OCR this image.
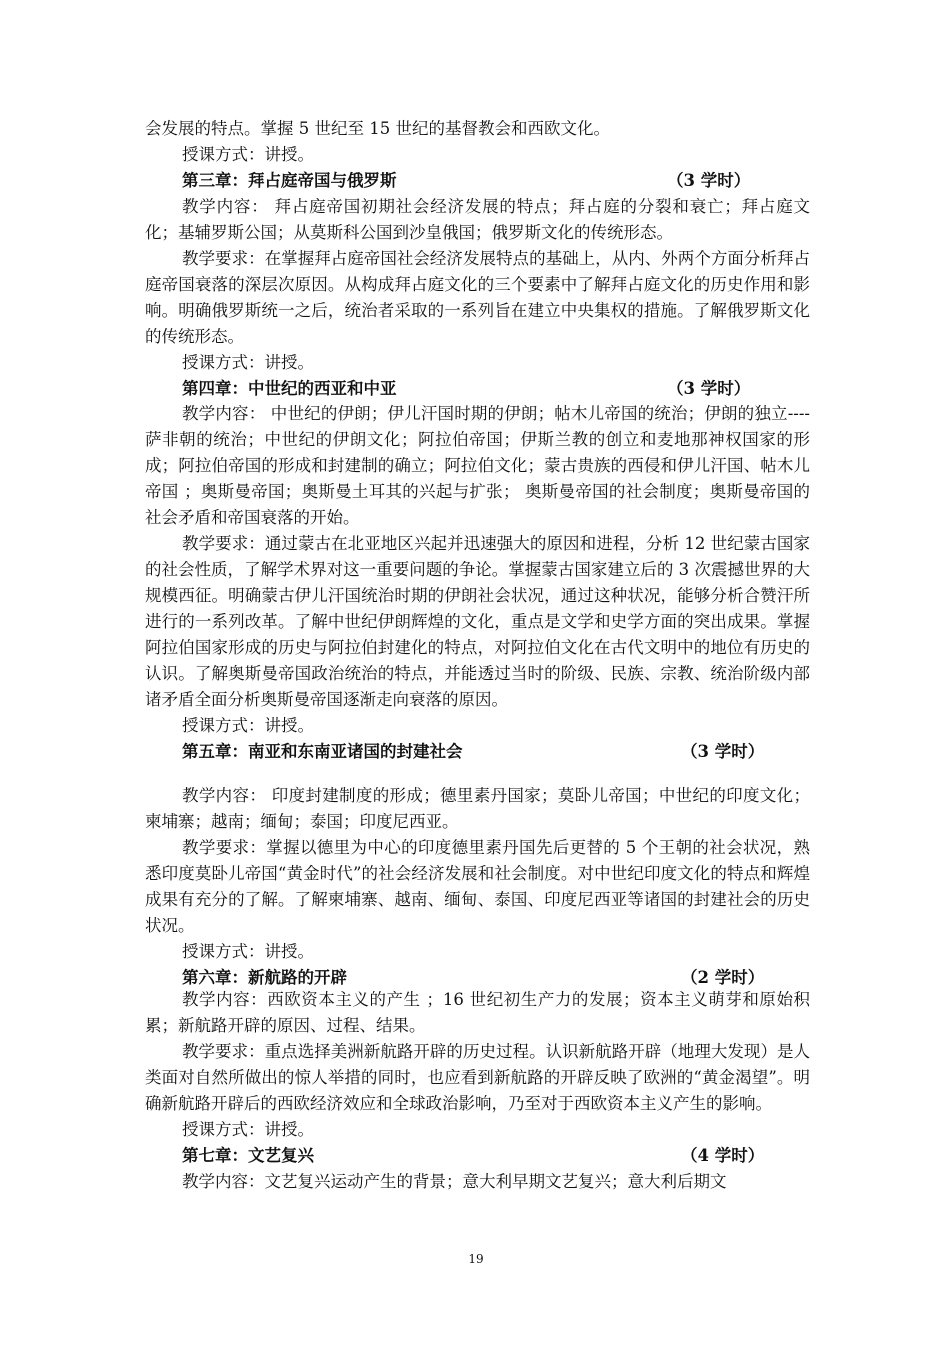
会发展的特点。掌握 5 世纪至 15 世纪的基督教会和西欧文化。

授课方式：讲授。

第三章：拜占庭帝国与俄罗斯	（3 学时）

教学内容： 拜占庭帝国初期社会经济发展的特点；拜占庭的分裂和衰亡；拜占庭文化；基辅罗斯公国；从莫斯科公国到沙皇俄国；俄罗斯文化的传统形态。

教学要求：在掌握拜占庭帝国社会经济发展特点的基础上，从内、外两个方面分析拜占庭帝国衰落的深层次原因。从构成拜占庭文化的三个要素中了解拜占庭文化的历史作用和影响。明确俄罗斯统一之后，统治者采取的一系列旨在建立中央集权的措施。了解俄罗斯文化的传统形态。

授课方式：讲授。

第四章：中世纪的西亚和中亚	（3 学时）

教学内容： 中世纪的伊朗；伊儿汗国时期的伊朗；帖木儿帝国的统治；伊朗的独立----萨非朝的统治；中世纪的伊朗文化；阿拉伯帝国；伊斯兰教的创立和麦地那神权国家的形成；阿拉伯帝国的形成和封建制的确立；阿拉伯文化；蒙古贵族的西侵和伊儿汗国、帖木儿帝国 ；奥斯曼帝国；奥斯曼土耳其的兴起与扩张； 奥斯曼帝国的社会制度；奥斯曼帝国的社会矛盾和帝国衰落的开始。

教学要求：通过蒙古在北亚地区兴起并迅速强大的原因和进程，分析 12 世纪蒙古国家的社会性质，了解学术界对这一重要问题的争论。掌握蒙古国家建立后的 3 次震撼世界的大规模西征。明确蒙古伊儿汗国统治时期的伊朗社会状况，通过这种状况，能够分析合赞汗所进行的一系列改革。了解中世纪伊朗辉煌的文化，重点是文学和史学方面的突出成果。掌握阿拉伯国家形成的历史与阿拉伯封建化的特点，对阿拉伯文化在古代文明中的地位有历史的认识。了解奥斯曼帝国政治统治的特点，并能透过当时的阶级、民族、宗教、统治阶级内部诸矛盾全面分析奥斯曼帝国逐渐走向衰落的原因。

授课方式：讲授。

第五章：南亚和东南亚诸国的封建社会	（3 学时）

教学内容： 印度封建制度的形成；德里素丹国家；莫卧儿帝国；中世纪的印度文化；柬埔寨；越南；缅甸；泰国；印度尼西亚。

教学要求：掌握以德里为中心的印度德里素丹国先后更替的 5 个王朝的社会状况，熟悉印度莫卧儿帝国“黄金时代”的社会经济发展和社会制度。对中世纪印度文化的特点和辉煌成果有充分的了解。了解柬埔寨、越南、缅甸、泰国、印度尼西亚等诸国的封建社会的历史状况。

授课方式：讲授。

第六章：新航路的开辟	（2 学时）

教学内容：西欧资本主义的产生 ；16 世纪初生产力的发展；资本主义萌芽和原始积累；新航路开辟的原因、过程、结果。

教学要求：重点选择美洲新航路开辟的历史过程。认识新航路开辟（地理大发现）是人类面对自然所做出的惊人举措的同时，也应看到新航路的开辟反映了欧洲的“黄金渴望”。明确新航路开辟后的西欧经济效应和全球政治影响，乃至对于西欧资本主义产生的影响。

授课方式：讲授。

第七章：文艺复兴	（4 学时）

教学内容：文艺复兴运动产生的背景；意大利早期文艺复兴；意大利后期文

19
